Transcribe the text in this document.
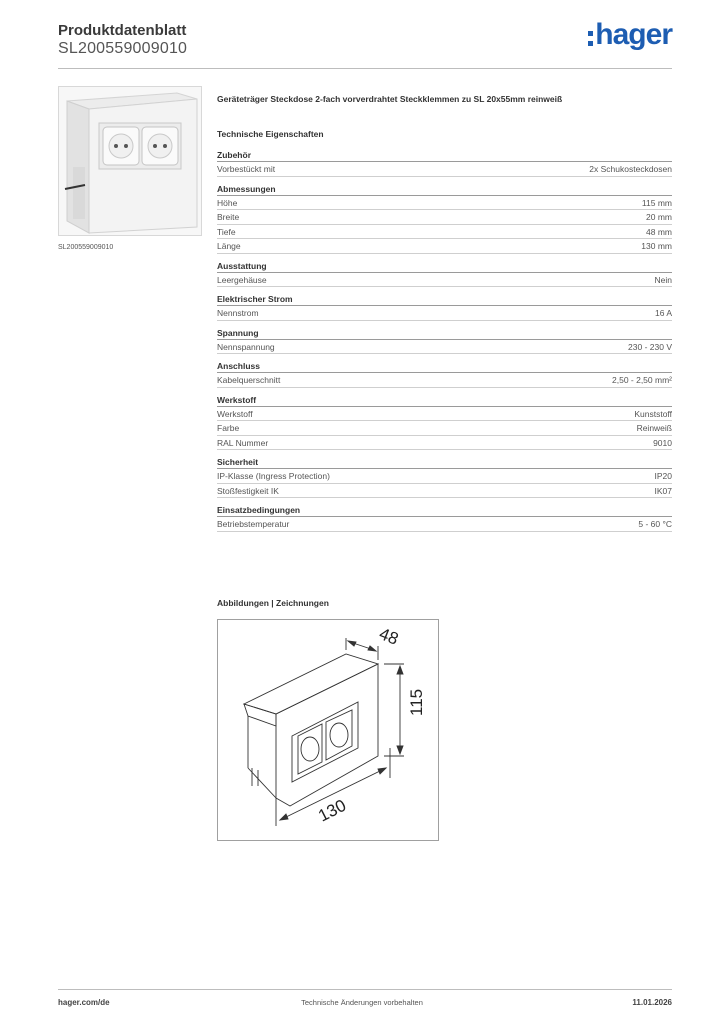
Produktdatenblatt
SL200559009010	hager
SL200559009010
Geräteträger Steckdose 2-fach vorverdrahtet Steckklemmen zu SL 20x55mm reinweiß
Technische Eigenschaften
Zubehör
Vorbestückt mit	2x Schukosteckdosen
Abmessungen
Höhe	115 mm
Breite	20 mm
Tiefe	48 mm
Länge	130 mm
Ausstattung
Leergehäuse	Nein
Elektrischer Strom
Nennstrom	16 A
Spannung
Nennspannung	230 - 230 V
Anschluss
Kabelquerschnitt	2,50 - 2,50 mm²
Werkstoff
Werkstoff	Kunststoff
Farbe	Reinweiß
RAL Nummer	9010
Sicherheit
IP-Klasse (Ingress Protection)	IP20
Stoßfestigkeit IK	IK07
Einsatzbedingungen
Betriebstemperatur	5 - 60 °C
Abbildungen | Zeichnungen
48
115
130
hager.com/de	Technische Änderungen vorbehalten	11.01.2026
